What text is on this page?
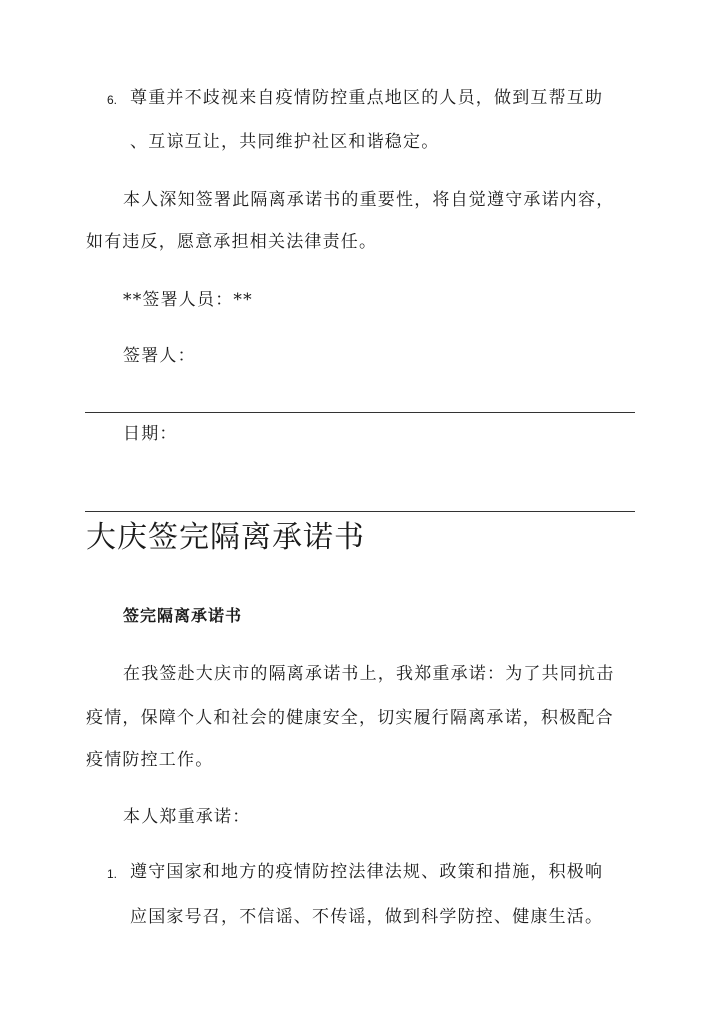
6. 尊重并不歧视来自疫情防控重点地区的人员，做到互帮互助
、互谅互让，共同维护社区和谐稳定。
本人深知签署此隔离承诺书的重要性，将自觉遵守承诺内容，
如有违反，愿意承担相关法律责任。
**签署人员：**
签署人：
日期：
大庆签完隔离承诺书
签完隔离承诺书
在我签赴大庆市的隔离承诺书上，我郑重承诺：为了共同抗击
疫情，保障个人和社会的健康安全，切实履行隔离承诺，积极配合
疫情防控工作。
本人郑重承诺：
1. 遵守国家和地方的疫情防控法律法规、政策和措施，积极响
应国家号召，不信谣、不传谣，做到科学防控、健康生活。
